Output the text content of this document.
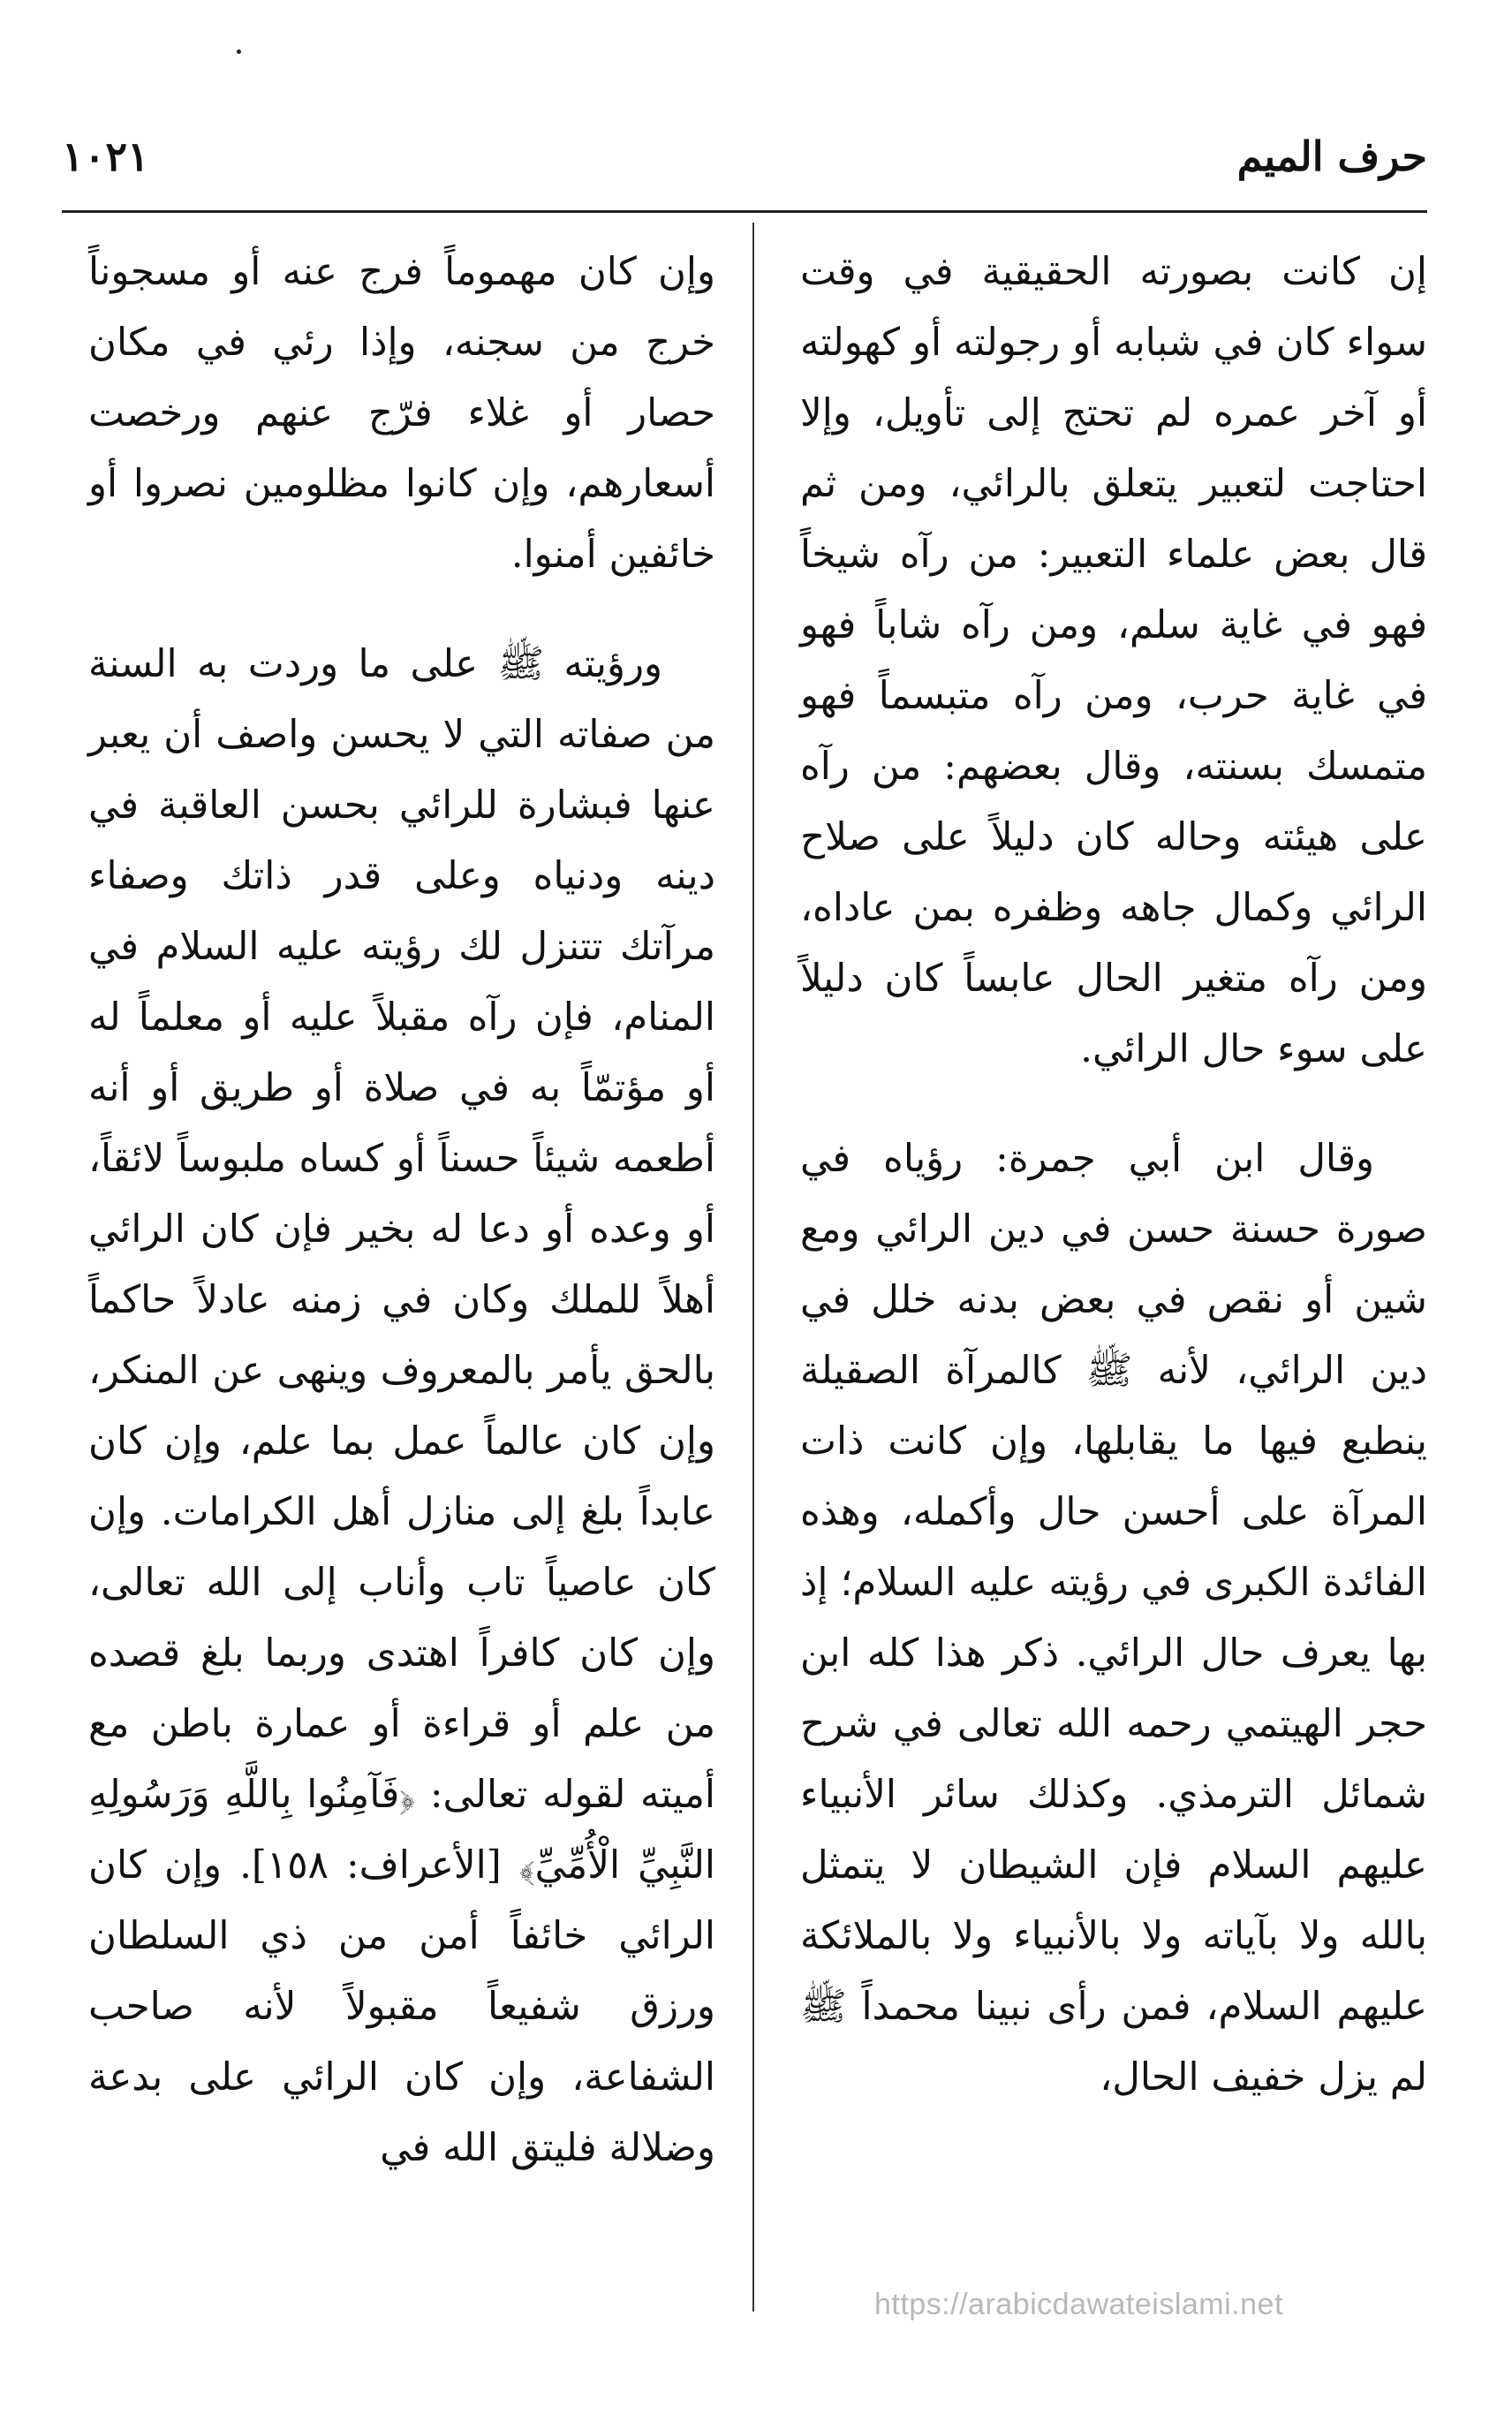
حرف الميم
١٠٢١

إن كانت بصورته الحقيقية في وقت سواء كان في شبابه أو رجولته أو كهولته أو آخر عمره لم تحتج إلى تأويل، وإلا احتاجت لتعبير يتعلق بالرائي، ومن ثم قال بعض علماء التعبير: من رآه شيخاً فهو في غاية سلم، ومن رآه شاباً فهو في غاية حرب، ومن رآه متبسماً فهو متمسك بسنته، وقال بعضهم: من رآه على هيئته وحاله كان دليلاً على صلاح الرائي وكمال جاهه وظفره بمن عاداه، ومن رآه متغير الحال عابساً كان دليلاً على سوء حال الرائي.

وقال ابن أبي جمرة: رؤياه في صورة حسنة حسن في دين الرائي ومع شين أو نقص في بعض بدنه خلل في دين الرائي، لأنه ﷺ كالمرآة الصقيلة ينطبع فيها ما يقابلها، وإن كانت ذات المرآة على أحسن حال وأكمله، وهذه الفائدة الكبرى في رؤيته عليه السلام؛ إذ بها يعرف حال الرائي. ذكر هذا كله ابن حجر الهيتمي رحمه الله تعالى في شرح شمائل الترمذي. وكذلك سائر الأنبياء عليهم السلام فإن الشيطان لا يتمثل بالله ولا بآياته ولا بالأنبياء ولا بالملائكة عليهم السلام، فمن رأى نبينا محمداً ﷺ لم يزل خفيف الحال،

وإن كان مهموماً فرج عنه أو مسجوناً خرج من سجنه، وإذا رئي في مكان حصار أو غلاء فرّج عنهم ورخصت أسعارهم، وإن كانوا مظلومين نصروا أو خائفين أمنوا.

ورؤيته ﷺ على ما وردت به السنة من صفاته التي لا يحسن واصف أن يعبر عنها فبشارة للرائي بحسن العاقبة في دينه ودنياه وعلى قدر ذاتك وصفاء مرآتك تتنزل لك رؤيته عليه السلام في المنام، فإن رآه مقبلاً عليه أو معلماً له أو مؤتمّاً به في صلاة أو طريق أو أنه أطعمه شيئاً حسناً أو كساه ملبوساً لائقاً، أو وعده أو دعا له بخير فإن كان الرائي أهلاً للملك وكان في زمنه عادلاً حاكماً بالحق يأمر بالمعروف وينهى عن المنكر، وإن كان عالماً عمل بما علم، وإن كان عابداً بلغ إلى منازل أهل الكرامات. وإن كان عاصياً تاب وأناب إلى الله تعالى، وإن كان كافراً اهتدى وربما بلغ قصده من علم أو قراءة أو عمارة باطن مع أميته لقوله تعالى: ﴿فَآمِنُوا بِاللَّهِ وَرَسُولِهِ النَّبِيِّ الْأُمِّيِّ﴾ [الأعراف: ١٥٨]. وإن كان الرائي خائفاً أمن من ذي السلطان ورزق شفيعاً مقبولاً لأنه صاحب الشفاعة، وإن كان الرائي على بدعة وضلالة فليتق الله في

https://arabicdawateislami.net
